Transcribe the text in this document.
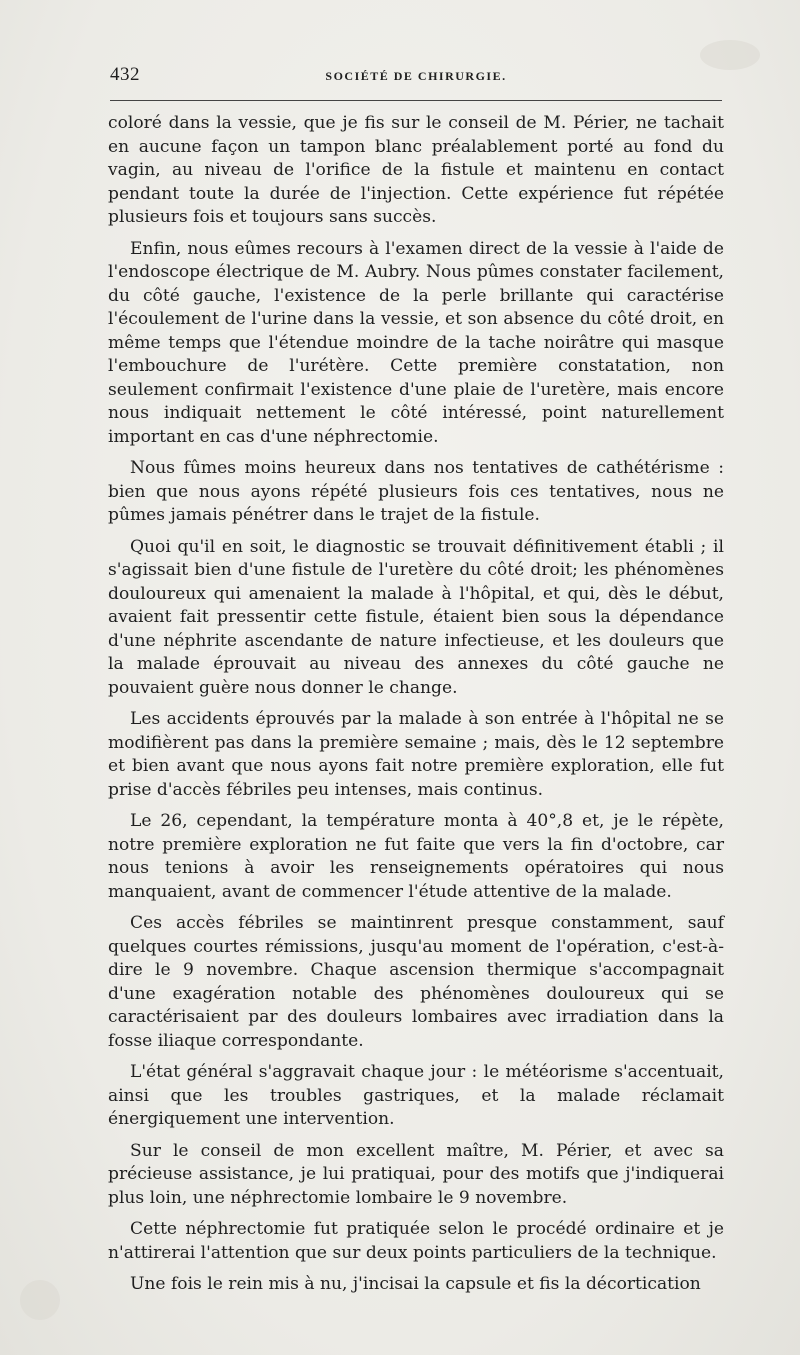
432	SOCIÉTÉ DE CHIRURGIE.

coloré dans la vessie, que je fis sur le conseil de M. Périer, ne tachait en aucune façon un tampon blanc préalablement porté au fond du vagin, au niveau de l'orifice de la fistule et maintenu en contact pendant toute la durée de l'injection. Cette expérience fut répétée plusieurs fois et toujours sans succès.

Enfin, nous eûmes recours à l'examen direct de la vessie à l'aide de l'endoscope électrique de M. Aubry. Nous pûmes constater facilement, du côté gauche, l'existence de la perle brillante qui caractérise l'écoulement de l'urine dans la vessie, et son absence du côté droit, en même temps que l'étendue moindre de la tache noirâtre qui masque l'embouchure de l'urétère. Cette première constatation, non seulement confirmait l'existence d'une plaie de l'uretère, mais encore nous indiquait nettement le côté intéressé, point naturellement important en cas d'une néphrectomie.

Nous fûmes moins heureux dans nos tentatives de cathétérisme : bien que nous ayons répété plusieurs fois ces tentatives, nous ne pûmes jamais pénétrer dans le trajet de la fistule.

Quoi qu'il en soit, le diagnostic se trouvait définitivement établi ; il s'agissait bien d'une fistule de l'uretère du côté droit; les phénomènes douloureux qui amenaient la malade à l'hôpital, et qui, dès le début, avaient fait pressentir cette fistule, étaient bien sous la dépendance d'une néphrite ascendante de nature infectieuse, et les douleurs que la malade éprouvait au niveau des annexes du côté gauche ne pouvaient guère nous donner le change.

Les accidents éprouvés par la malade à son entrée à l'hôpital ne se modifièrent pas dans la première semaine ; mais, dès le 12 septembre et bien avant que nous ayons fait notre première exploration, elle fut prise d'accès fébriles peu intenses, mais continus.

Le 26, cependant, la température monta à 40°,8 et, je le répète, notre première exploration ne fut faite que vers la fin d'octobre, car nous tenions à avoir les renseignements opératoires qui nous manquaient, avant de commencer l'étude attentive de la malade.

Ces accès fébriles se maintinrent presque constamment, sauf quelques courtes rémissions, jusqu'au moment de l'opération, c'est-à-dire le 9 novembre. Chaque ascension thermique s'accompagnait d'une exagération notable des phénomènes douloureux qui se caractérisaient par des douleurs lombaires avec irradiation dans la fosse iliaque correspondante.

L'état général s'aggravait chaque jour : le météorisme s'accentuait, ainsi que les troubles gastriques, et la malade réclamait énergiquement une intervention.

Sur le conseil de mon excellent maître, M. Périer, et avec sa précieuse assistance, je lui pratiquai, pour des motifs que j'indiquerai plus loin, une néphrectomie lombaire le 9 novembre.

Cette néphrectomie fut pratiquée selon le procédé ordinaire et je n'attirerai l'attention que sur deux points particuliers de la technique.

Une fois le rein mis à nu, j'incisai la capsule et fis la décortication
